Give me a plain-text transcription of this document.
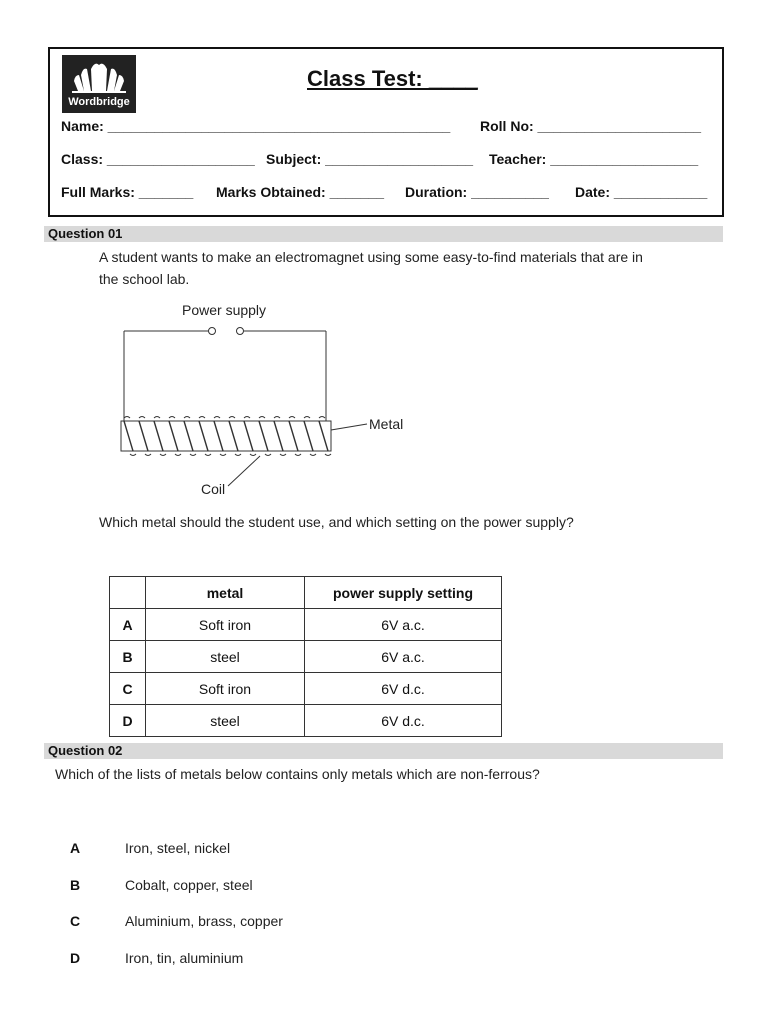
Wordbridge
Class Test: ____
Name: ____________________________________________ Roll No: _____________________
Class: ___________________ Subject: ___________________ Teacher: ___________________
Full Marks: _______ Marks Obtained: _______ Duration: __________ Date: ____________
Question 01
A student wants to make an electromagnet using some easy-to-find materials that are in
the school lab.
Power supply
Metal
Coil
Which metal should the student use, and which setting on the power supply?
	metal	power supply setting
A	Soft iron	6V a.c.
B	steel	6V a.c.
C	Soft iron	6V d.c.
D	steel	6V d.c.
Question 02
Which of the lists of metals below contains only metals which are non-ferrous?
A	Iron, steel, nickel
B	Cobalt, copper, steel
C	Aluminium, brass, copper
D	Iron, tin, aluminium
